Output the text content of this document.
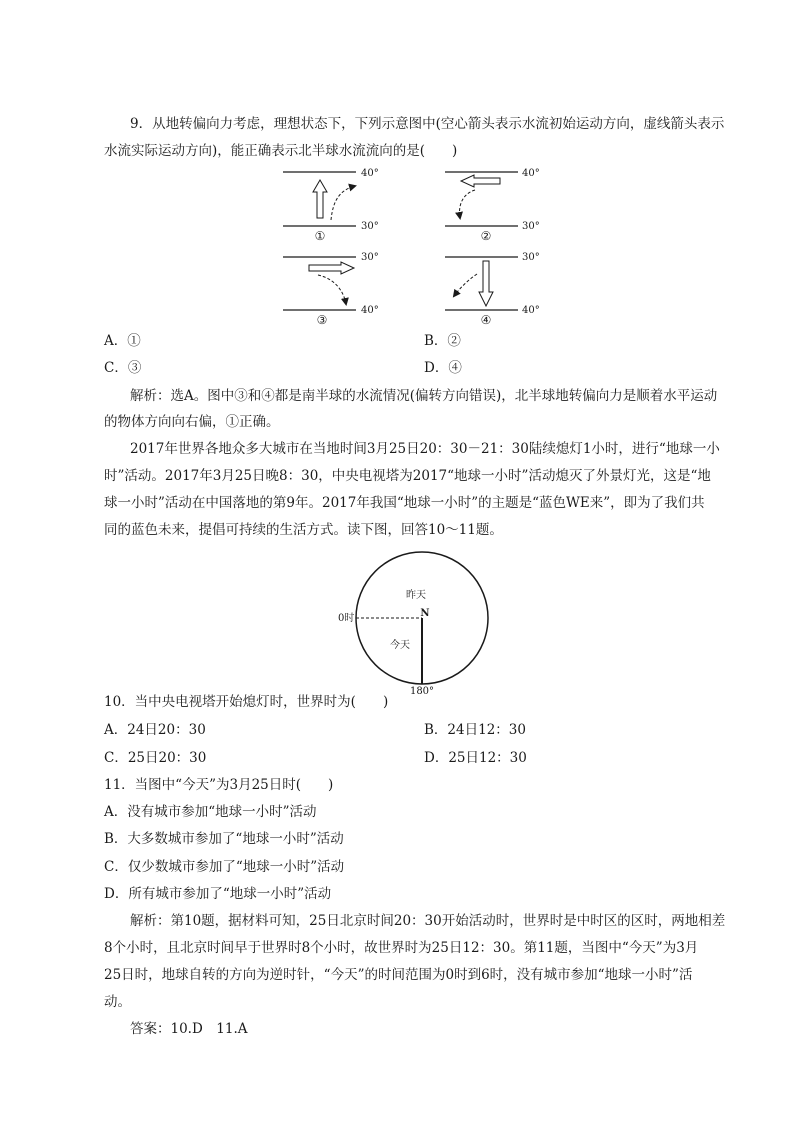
9．从地转偏向力考虑，理想状态下，下列示意图中(空心箭头表示水流初始运动方向，虚线箭头表示
水流实际运动方向)，能正确表示北半球水流流向的是(　　)
40°
30°
①
40°
30°
②
30°
40°
③
40°
30°
④
A．①	B．②
C．③	D．④
解析：选A。图中③和④都是南半球的水流情况(偏转方向错误)，北半球地转偏向力是顺着水平运动
的物体方向向右偏，①正确。
2017年世界各地众多大城市在当地时间3月25日20：30－21：30陆续熄灯1小时，进行“地球一小
时”活动。2017年3月25日晚8：30，中央电视塔为2017“地球一小时”活动熄灭了外景灯光，这是“地
球一小时”活动在中国落地的第9年。2017年我国“地球一小时”的主题是“蓝色WE来”，即为了我们共
同的蓝色未来，提倡可持续的生活方式。读下图，回答10～11题。
0时
昨天
N
今天
180°
10．当中央电视塔开始熄灯时，世界时为(　　)
A．24日20：30	B．24日12：30
C．25日20：30	D．25日12：30
11．当图中“今天”为3月25日时(　　)
A．没有城市参加“地球一小时”活动
B．大多数城市参加了“地球一小时”活动
C．仅少数城市参加了“地球一小时”活动
D．所有城市参加了“地球一小时”活动
解析：第10题，据材料可知，25日北京时间20：30开始活动时，世界时是中时区的区时，两地相差
8个小时，且北京时间早于世界时8个小时，故世界时为25日12：30。第11题，当图中“今天”为3月
25日时，地球自转的方向为逆时针，“今天”的时间范围为0时到6时，没有城市参加“地球一小时”活
动。
答案：10.D　11.A
